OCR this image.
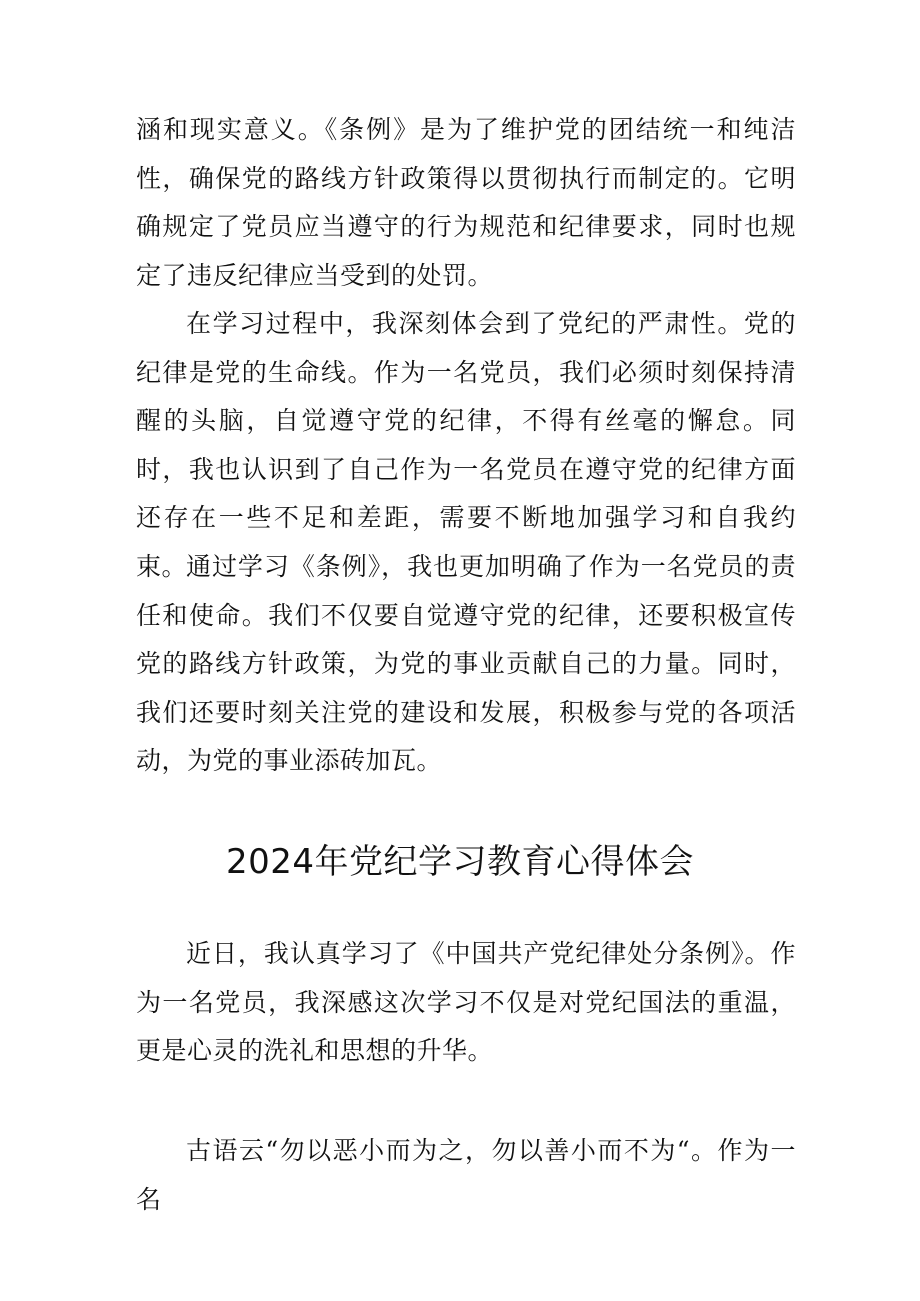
涵和现实意义。《条例》是为了维护党的团结统一和纯洁性，确保党的路线方针政策得以贯彻执行而制定的。它明确规定了党员应当遵守的行为规范和纪律要求，同时也规定了违反纪律应当受到的处罚。

在学习过程中，我深刻体会到了党纪的严肃性。党的纪律是党的生命线。作为一名党员，我们必须时刻保持清醒的头脑，自觉遵守党的纪律，不得有丝毫的懈怠。同时，我也认识到了自己作为一名党员在遵守党的纪律方面还存在一些不足和差距，需要不断地加强学习和自我约束。

通过学习《条例》，我也更加明确了作为一名党员的责任和使命。我们不仅要自觉遵守党的纪律，还要积极宣传党的路线方针政策，为党的事业贡献自己的力量。同时，我们还要时刻关注党的建设和发展，积极参与党的各项活动，为党的事业添砖加瓦。

2024年党纪学习教育心得体会

近日，我认真学习了《中国共产党纪律处分条例》。作为一名党员，我深感这次学习不仅是对党纪国法的重温，更是心灵的洗礼和思想的升华。

古语云“勿以恶小而为之，勿以善小而不为“。作为一名
